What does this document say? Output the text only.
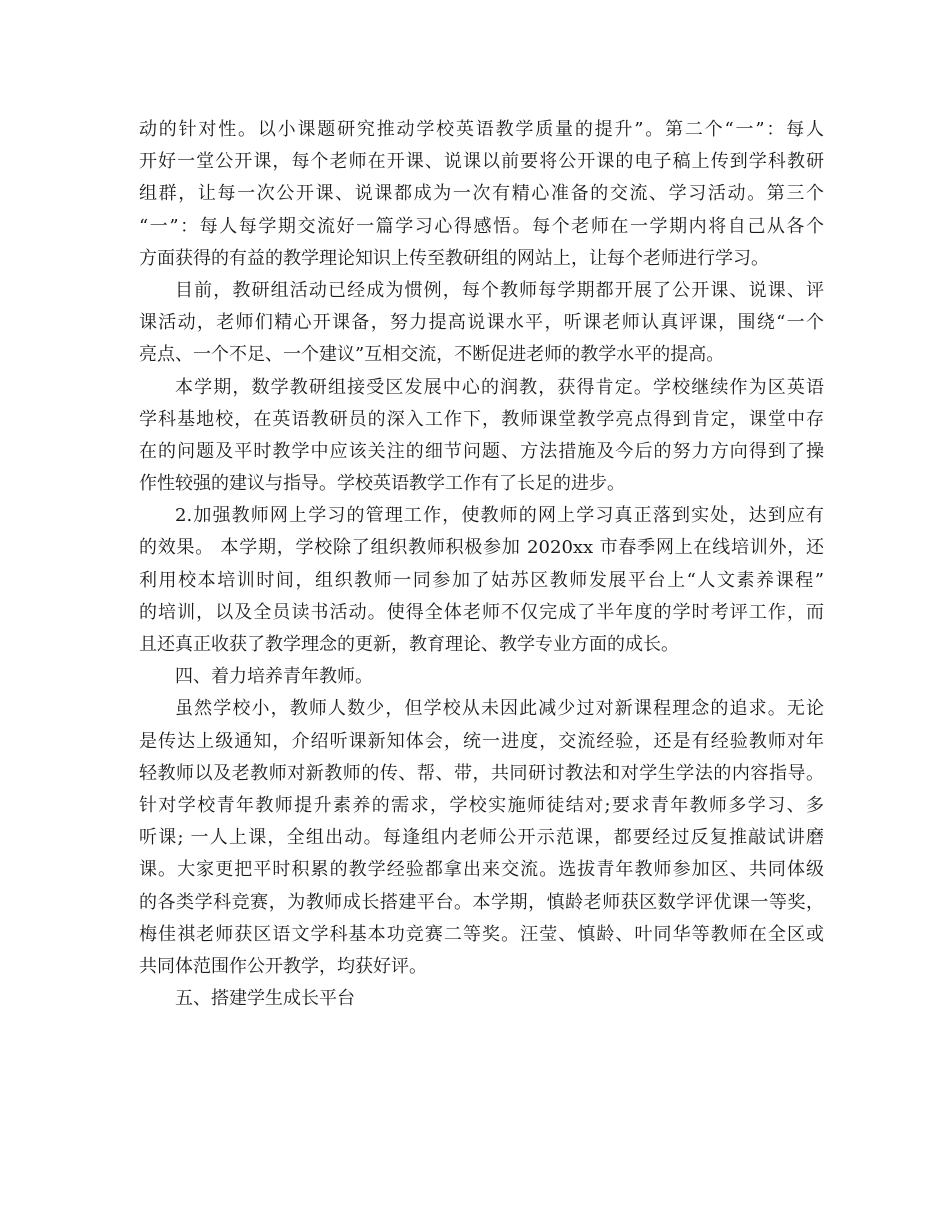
动的针对性。以小课题研究推动学校英语教学质量的提升”。第二个“一”：每人
开好一堂公开课，每个老师在开课、说课以前要将公开课的电子稿上传到学科教研
组群，让每一次公开课、说课都成为一次有精心准备的交流、学习活动。第三个
“一”：每人每学期交流好一篇学习心得感悟。每个老师在一学期内将自己从各个
方面获得的有益的教学理论知识上传至教研组的网站上，让每个老师进行学习。
目前，教研组活动已经成为惯例，每个教师每学期都开展了公开课、说课、评
课活动，老师们精心开课备，努力提高说课水平，听课老师认真评课，围绕“一个
亮点、一个不足、一个建议”互相交流，不断促进老师的教学水平的提高。
本学期，数学教研组接受区发展中心的润教，获得肯定。学校继续作为区英语
学科基地校，在英语教研员的深入工作下，教师课堂教学亮点得到肯定，课堂中存
在的问题及平时教学中应该关注的细节问题、方法措施及今后的努力方向得到了操
作性较强的建议与指导。学校英语教学工作有了长足的进步。
2.加强教师网上学习的管理工作，使教师的网上学习真正落到实处，达到应有
的效果。 本学期，学校除了组织教师积极参加 2020xx 市春季网上在线培训外，还
利用校本培训时间，组织教师一同参加了姑苏区教师发展平台上“人文素养课程”
的培训，以及全员读书活动。使得全体老师不仅完成了半年度的学时考评工作，而
且还真正收获了教学理念的更新，教育理论、教学专业方面的成长。
四、着力培养青年教师。
虽然学校小，教师人数少，但学校从未因此减少过对新课程理念的追求。无论
是传达上级通知，介绍听课新知体会，统一进度，交流经验，还是有经验教师对年
轻教师以及老教师对新教师的传、帮、带，共同研讨教法和对学生学法的内容指导。
针对学校青年教师提升素养的需求，学校实施师徒结对;要求青年教师多学习、多
听课; 一人上课，全组出动。每逢组内老师公开示范课，都要经过反复推敲试讲磨
课。大家更把平时积累的教学经验都拿出来交流。选拔青年教师参加区、共同体级
的各类学科竞赛，为教师成长搭建平台。本学期，慎龄老师获区数学评优课一等奖，
梅佳祺老师获区语文学科基本功竞赛二等奖。汪莹、慎龄、叶同华等教师在全区或
共同体范围作公开教学，均获好评。
五、搭建学生成长平台
